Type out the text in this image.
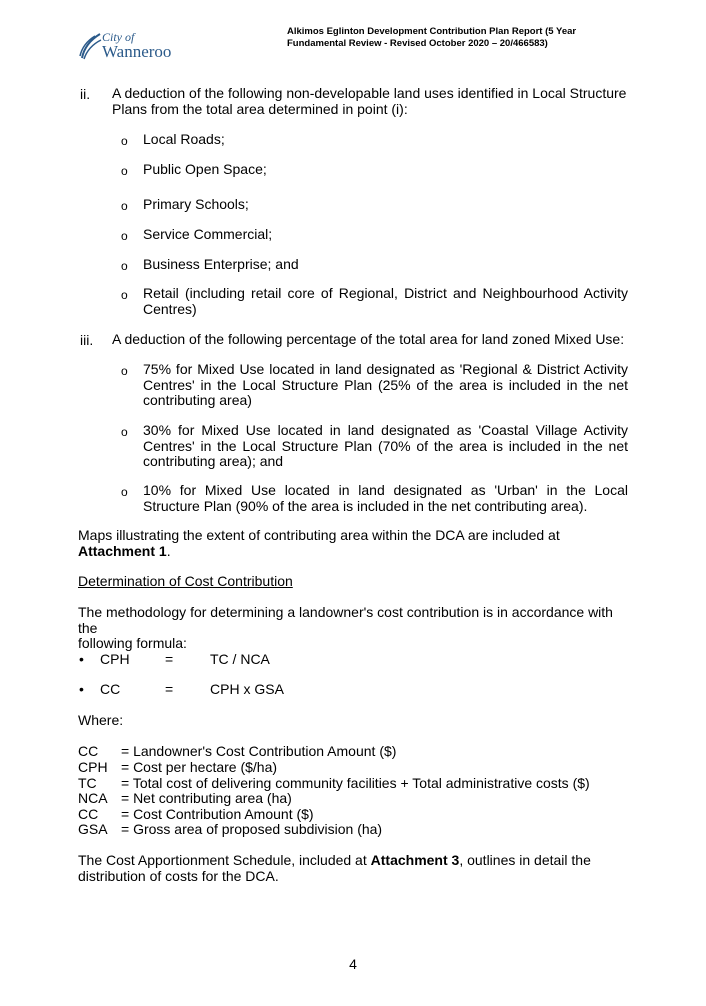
City of
Wanneroo
Alkimos Eglinton Development Contribution Plan Report (5 Year
Fundamental Review - Revised October 2020 – 20/466583)
ii. A deduction of the following non-developable land uses identified in Local Structure
Plans from the total area determined in point (i):
o Local Roads;
o Public Open Space;
o Primary Schools;
o Service Commercial;
o Business Enterprise; and
o Retail (including retail core of Regional, District and Neighbourhood Activity Centres)
iii. A deduction of the following percentage of the total area for land zoned Mixed Use:
o 75% for Mixed Use located in land designated as 'Regional & District Activity Centres' in the Local Structure Plan (25% of the area is included in the net contributing area)
o 30% for Mixed Use located in land designated as 'Coastal Village Activity Centres' in the Local Structure Plan (70% of the area is included in the net contributing area); and
o 10% for Mixed Use located in land designated as 'Urban' in the Local Structure Plan (90% of the area is included in the net contributing area).
Maps illustrating the extent of contributing area within the DCA are included at
Attachment 1.
Determination of Cost Contribution
The methodology for determining a landowner's cost contribution is in accordance with the
following formula:
• CPH	=	TC / NCA
• CC	=	CPH x GSA
Where:
CC = Landowner's Cost Contribution Amount ($)
CPH = Cost per hectare ($/ha)
TC = Total cost of delivering community facilities + Total administrative costs ($)
NCA = Net contributing area (ha)
CC = Cost Contribution Amount ($)
GSA = Gross area of proposed subdivision (ha)
The Cost Apportionment Schedule, included at Attachment 3, outlines in detail the
distribution of costs for the DCA.
4
